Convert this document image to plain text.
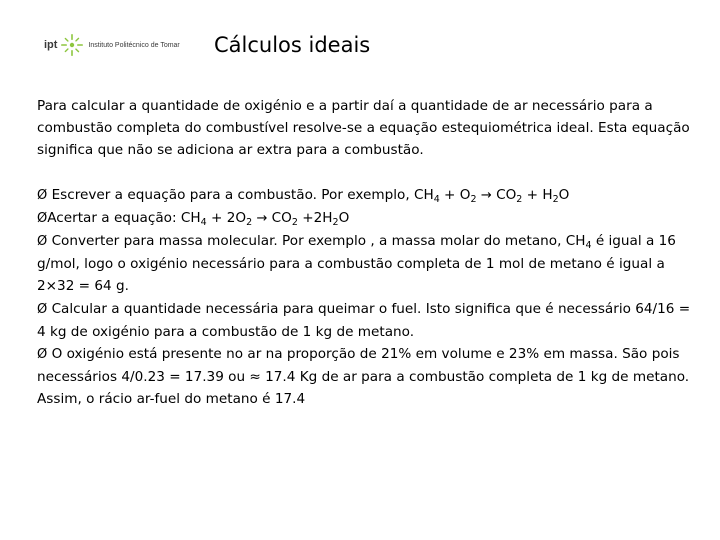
ipt	Instituto Politécnico de Tomar Cálculos ideais

Para calcular a quantidade de oxigénio e a partir daí a quantidade de ar necessário para a combustão completa do combustível resolve-se a equação estequiométrica ideal. Esta equação significa que não se adiciona ar extra para a combustão.

Ø Escrever a equação para a combustão. Por exemplo, $CH_4 + O_2 \to CO_2 + H_2O$

ØAcertar a equação: $CH_4 + 2O_2 \to CO_2 +2H_2O$

Ø Converter para massa molecular. Por exemplo , a massa molar do metano, $CH_4$ é igual a 16 g/mol, logo o oxigénio necessário para a combustão completa de 1 mol de metano é igual a 2×32 = 64 g.

Ø Calcular a quantidade necessária para queimar o fuel. Isto significa que é necessário 64/16 = 4 kg de oxigénio para a combustão de 1 kg de metano.

Ø O oxigénio está presente no ar na proporção de 21% em volume e 23% em massa. São pois necessários 4/0.23 = 17.39 ou ≈ 17.4 Kg de ar para a combustão completa de 1 kg de metano. Assim, o rácio ar-fuel do metano é 17.4
